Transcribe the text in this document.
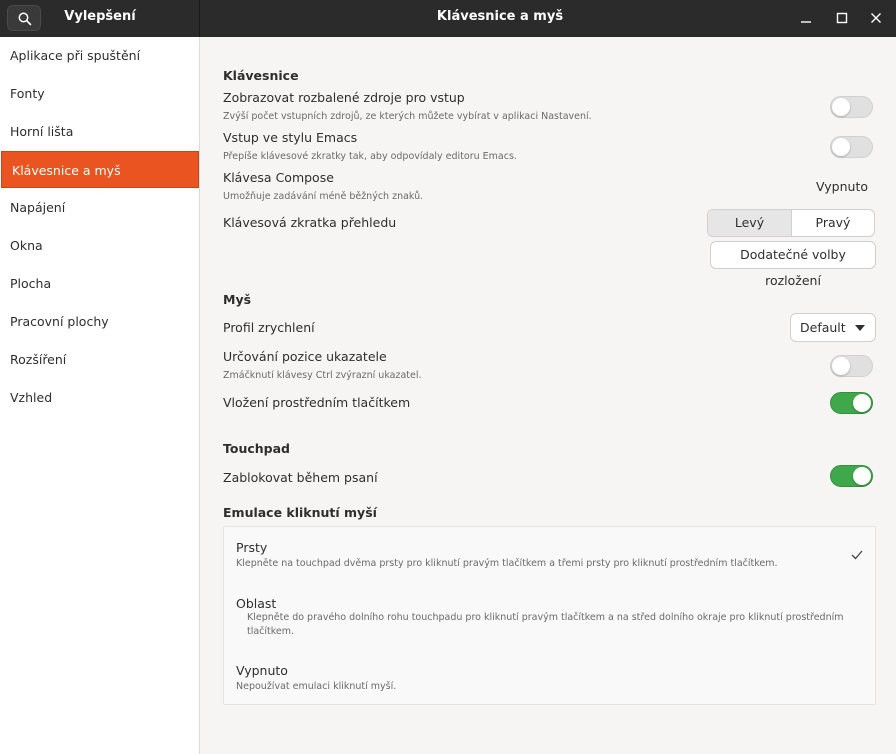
Vylepšení	Klávesnice a myš
Aplikace při spuštění
Fonty
Horní lišta
Klávesnice a myš
Napájení
Okna
Plocha
Pracovní plochy
Rozšíření
Vzhled
Klávesnice
Zobrazovat rozbalené zdroje pro vstup
Zvýší počet vstupních zdrojů, ze kterých můžete vybírat v aplikaci Nastavení.
Vstup ve stylu Emacs
Přepíše klávesové zkratky tak, aby odpovídaly editoru Emacs.
Klávesa Compose
Umožňuje zadávání méně běžných znaků.
Vypnuto
Klávesová zkratka přehledu	Levý	Pravý
Dodatečné volby rozložení
Myš
Profil zrychlení	Default
Určování pozice ukazatele
Zmáčknutí klávesy Ctrl zvýrazní ukazatel.
Vložení prostředním tlačítkem
Touchpad
Zablokovat během psaní
Emulace kliknutí myší
Prsty
Klepněte na touchpad dvěma prsty pro kliknutí pravým tlačítkem a třemi prsty pro kliknutí prostředním tlačítkem.
Oblast
Klepněte do pravého dolního rohu touchpadu pro kliknutí pravým tlačítkem a na střed dolního okraje pro kliknutí prostředním tlačítkem.
Vypnuto
Nepoužívat emulaci kliknutí myší.
